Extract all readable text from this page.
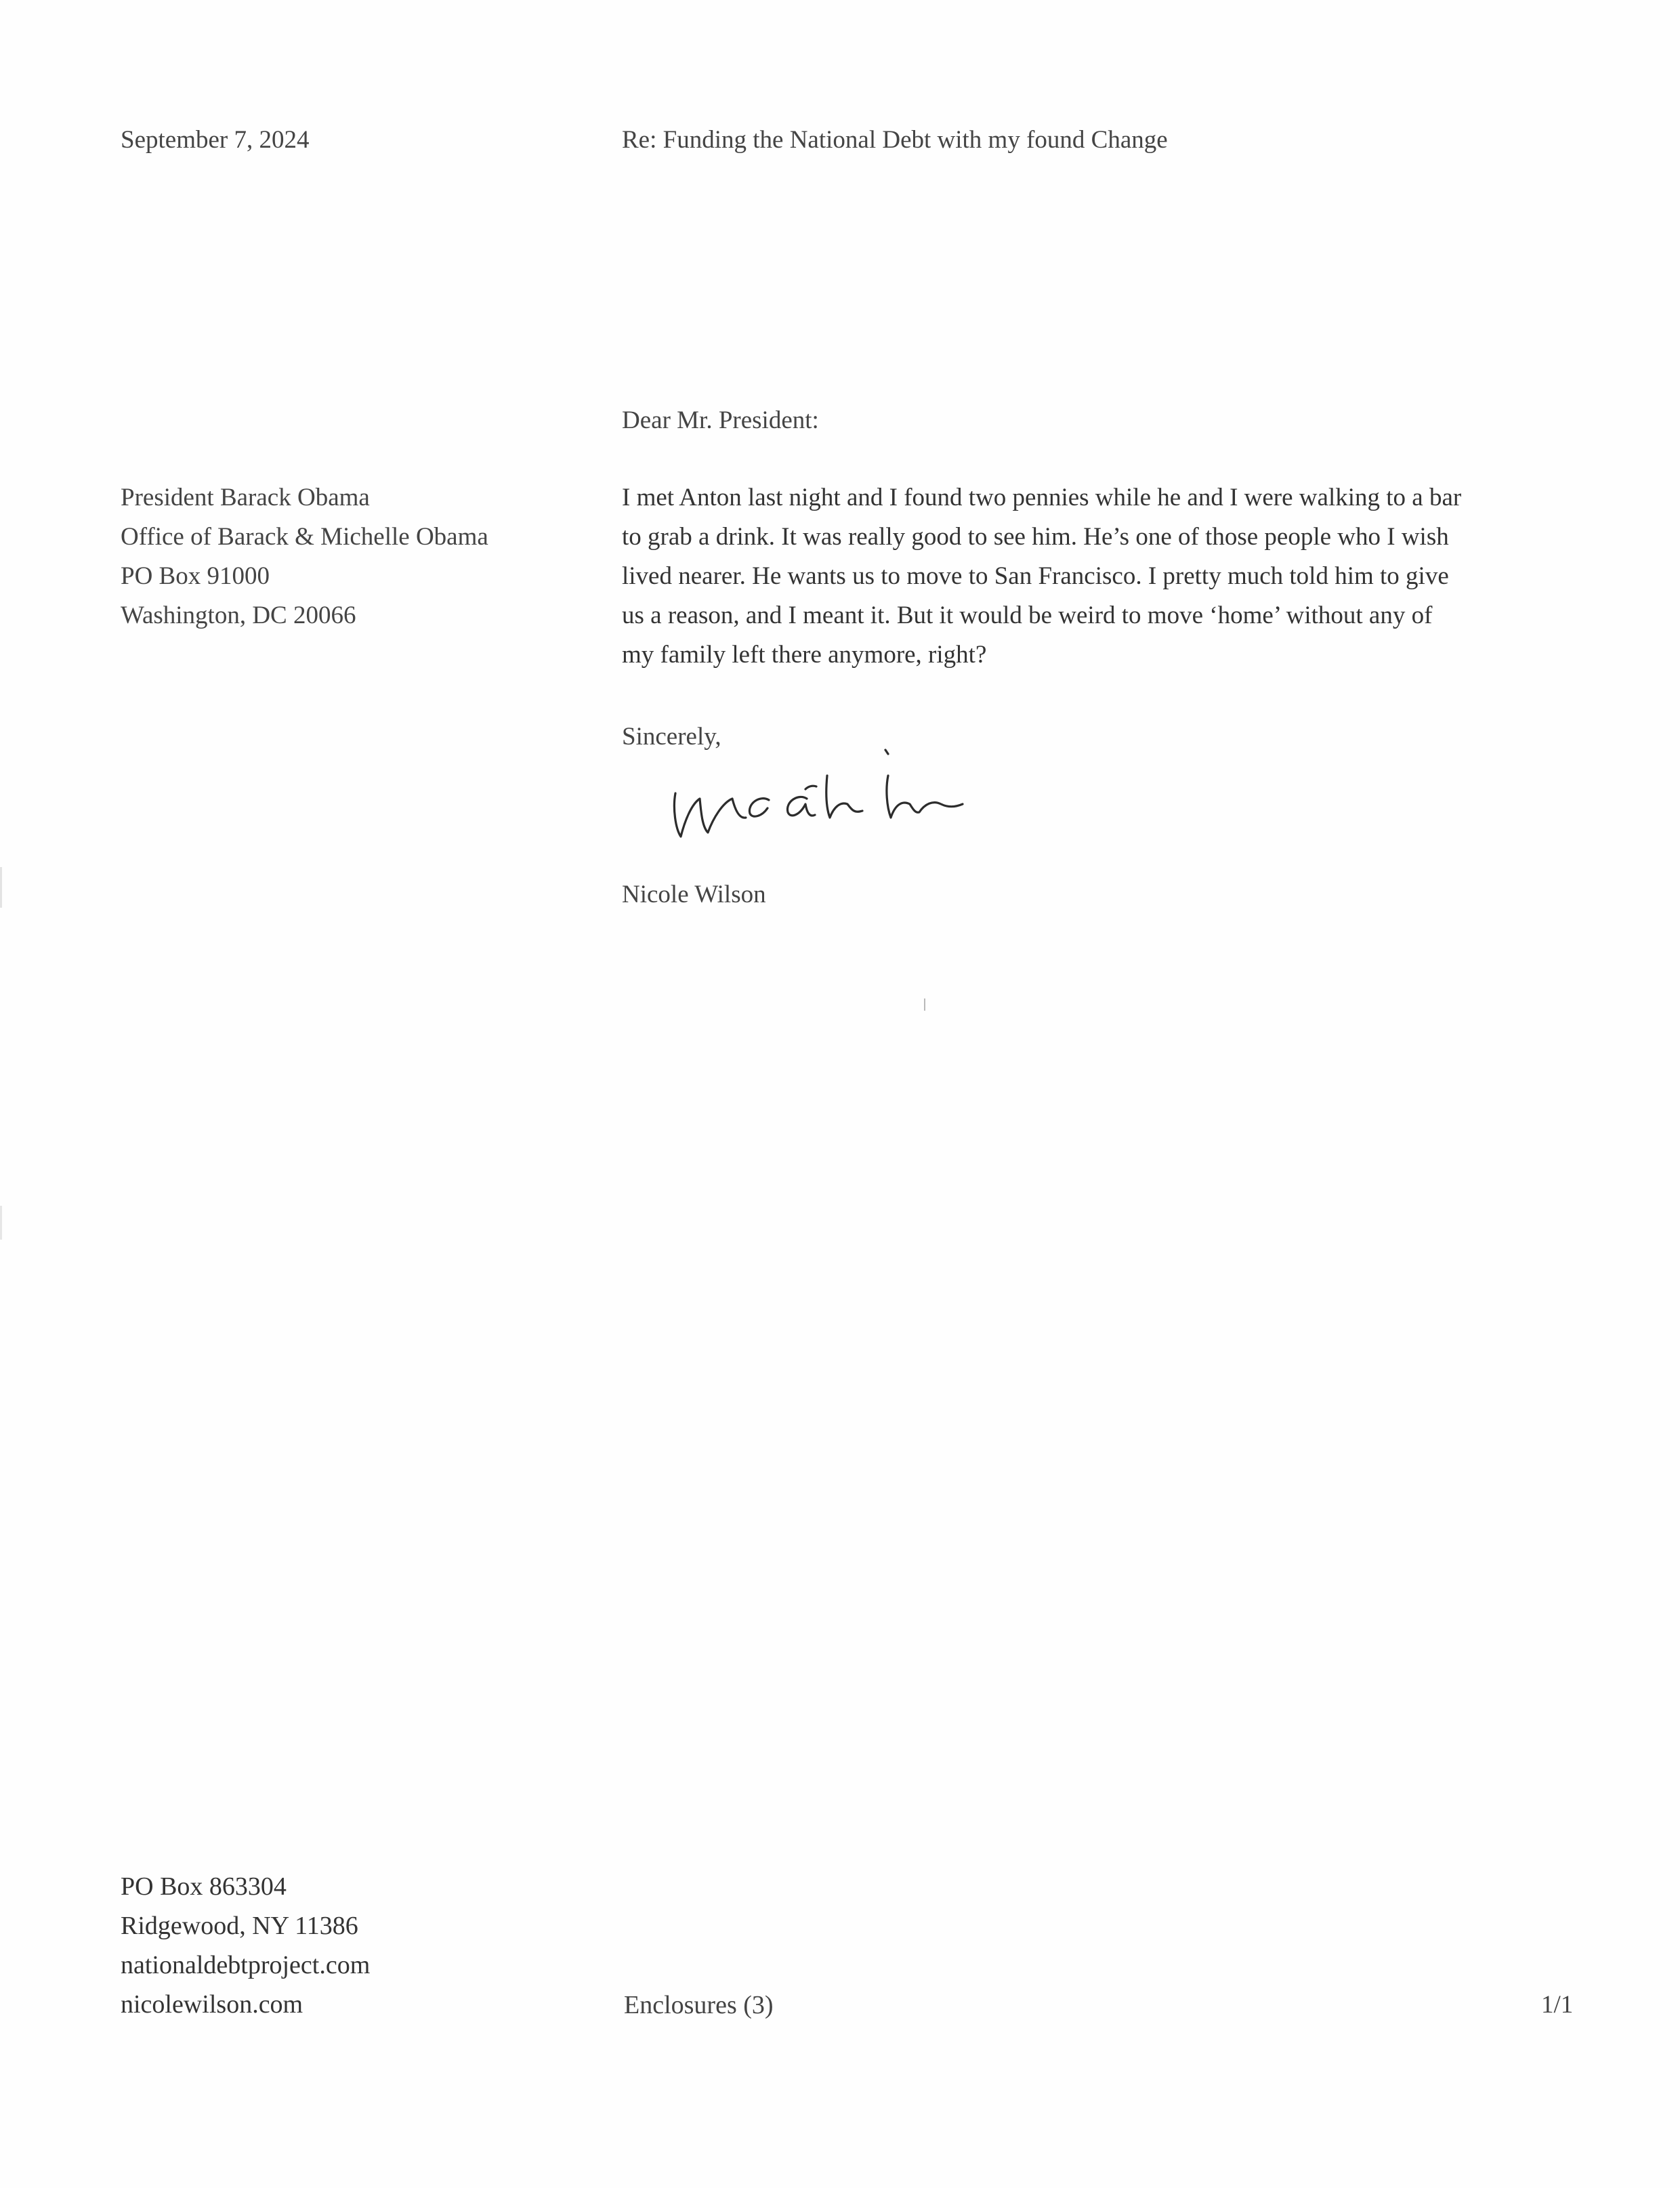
September 7, 2024	Re: Funding the National Debt with my found Change
Dear Mr. President:
President Barack Obama
Office of Barack & Michelle Obama
PO Box 91000
Washington, DC 20066
I met Anton last night and I found two pennies while he and I were walking to a bar
to grab a drink. It was really good to see him. He’s one of those people who I wish
lived nearer. He wants us to move to San Francisco. I pretty much told him to give
us a reason, and I meant it. But it would be weird to move ‘home’ without any of
my family left there anymore, right?
Sincerely,
Nicole Wilson
PO Box 863304
Ridgewood, NY 11386
nationaldebtproject.com
nicolewilson.com	Enclosures (3)	1/1
